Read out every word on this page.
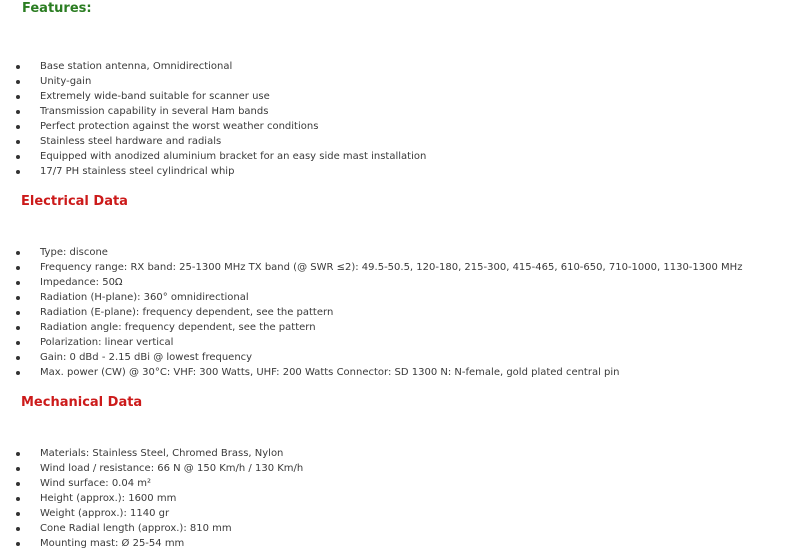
Features:
Base station antenna, Omnidirectional
Unity-gain
Extremely wide-band suitable for scanner use
Transmission capability in several Ham bands
Perfect protection against the worst weather conditions
Stainless steel hardware and radials
Equipped with anodized aluminium bracket for an easy side mast installation
17/7 PH stainless steel cylindrical whip
Electrical Data
Type: discone
Frequency range: RX band: 25-1300 MHz TX band (@ SWR ≤2): 49.5-50.5, 120-180, 215-300, 415-465, 610-650, 710-1000, 1130-1300 MHz
Impedance: 50Ω
Radiation (H-plane): 360° omnidirectional
Radiation (E-plane): frequency dependent, see the pattern
Radiation angle: frequency dependent, see the pattern
Polarization: linear vertical
Gain: 0 dBd - 2.15 dBi @ lowest frequency
Max. power (CW) @ 30°C: VHF: 300 Watts, UHF: 200 Watts Connector: SD 1300 N: N-female, gold plated central pin
Mechanical Data
Materials: Stainless Steel, Chromed Brass, Nylon
Wind load / resistance: 66 N @ 150 Km/h / 130 Km/h
Wind surface: 0.04 m²
Height (approx.): 1600 mm
Weight (approx.): 1140 gr
Cone Radial length (approx.): 810 mm
Mounting mast: Ø 25-54 mm
